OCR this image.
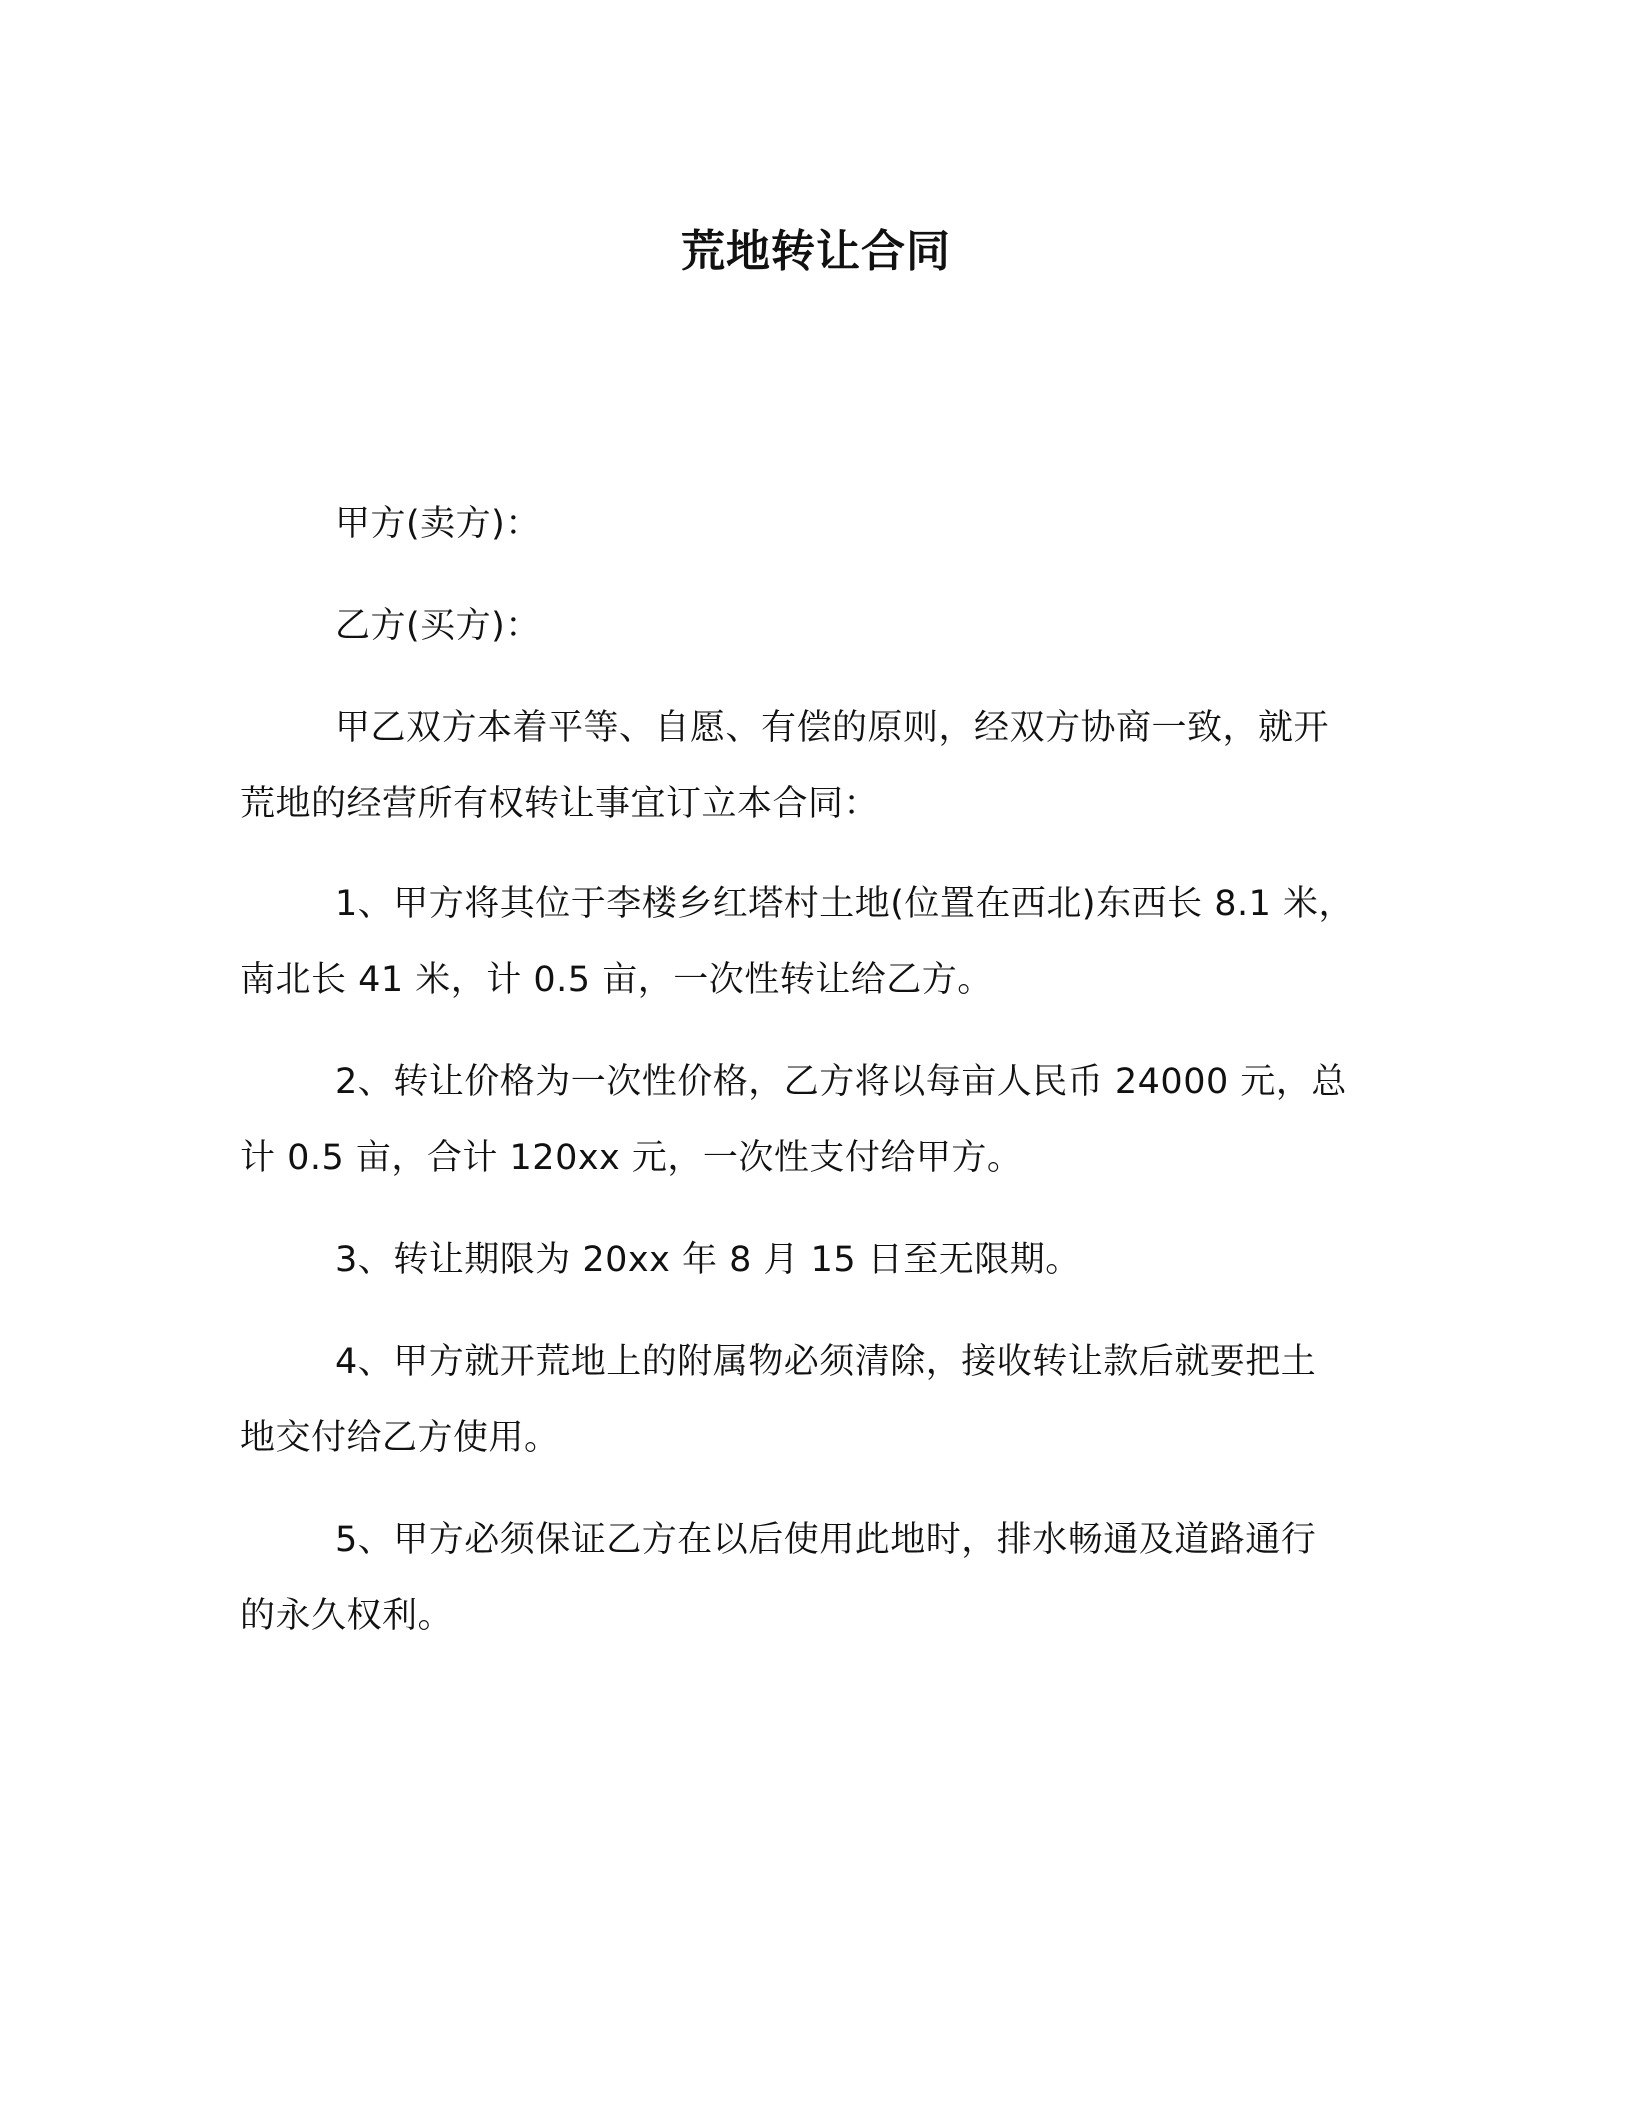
荒地转让合同

甲方(卖方)：

乙方(买方)：

甲乙双方本着平等、自愿、有偿的原则，经双方协商一致，就开
荒地的经营所有权转让事宜订立本合同：

1、甲方将其位于李楼乡红塔村土地(位置在西北)东西长 8.1 米，
南北长 41 米，计 0.5 亩，一次性转让给乙方。

2、转让价格为一次性价格，乙方将以每亩人民币 24000 元，总
计 0.5 亩，合计 120xx 元，一次性支付给甲方。

3、转让期限为 20xx 年 8 月 15 日至无限期。

4、甲方就开荒地上的附属物必须清除，接收转让款后就要把土
地交付给乙方使用。

5、甲方必须保证乙方在以后使用此地时，排水畅通及道路通行
的永久权利。
